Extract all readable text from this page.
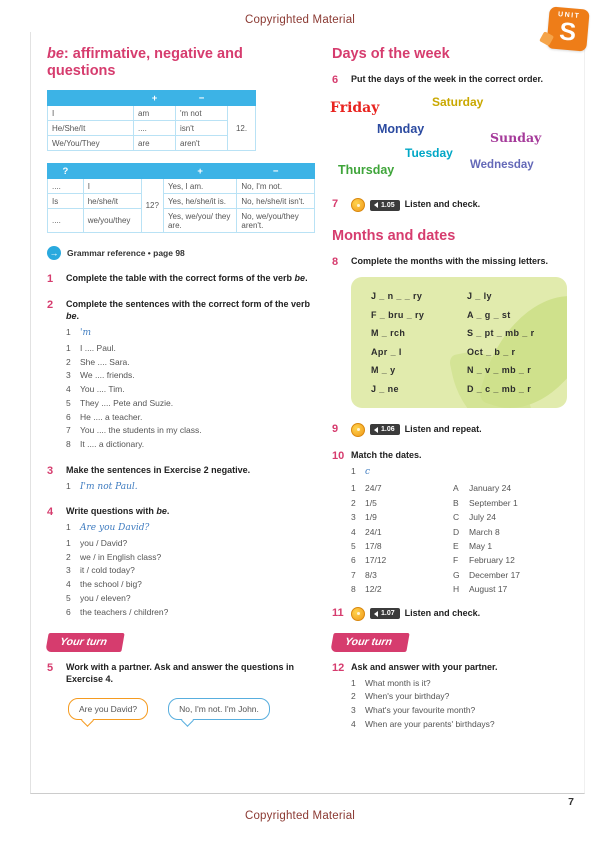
Copyrighted Material	UNIT
S
be: affirmative, negative and questions
	+	−	
I	am	'm not	12.
He/She/It	....	isn't	
We/You/They	are	aren't	
?			+	−
....	I	12?	Yes, I am.	No, I'm not.
Is	he/she/it		Yes, he/she/it is.	No, he/she/it isn't.
....	we/you/they		Yes, we/you/ they are.	No, we/you/they aren't.
→ Grammar reference • page 98
1	Complete the table with the correct forms of the verb be.

2	Complete the sentences with the correct form of the verb be.

1	'm
1	I .... Paul.
2	She .... Sara.
3	We .... friends.
4	You .... Tim.
5	They .... Pete and Suzie.
6	He .... a teacher.
7	You .... the students in my class.
8	It .... a dictionary.
3	Make the sentences in Exercise 2 negative.

1	I'm not Paul.
4	Write questions with be.

1	Are you David?
1	you / David?
2	we / in English class?
3	it / cold today?
4	the school / big?
5	you / eleven?
6	the teachers / children?
Your turn
5	Work with a partner. Ask and answer the questions in Exercise 4.

Are you David?	No, I'm not. I'm John.
Days of the week
6	Put the days of the week in the correct order.

Friday	Saturday
Monday
Sunday
Tuesday
Wednesday
Thursday
7	1.05 Listen and check.
Months and dates
8	Complete the months with the missing letters.

J _ n _ _ ry	J _ ly
F _ bru _ ry	A _ g _ st
M _ rch	S _ pt _ mb _ r
Apr _ l	Oct _ b _ r
M _ y	N _ v _ mb _ r
J _ ne	D _ c _ mb _ r
9	1.06 Listen and repeat.
10 Match the dates.

1	c
1	24/7	A	January 24
2	1/5	B	September 1
3	1/9	C	July 24
4	24/1	D	March 8
5	17/8	E	May 1
6	17/12	F	February 12
7	8/3	G	December 17
8	12/2	H	August 17
11	1.07 Listen and check.
Your turn
12 Ask and answer with your partner.

1	What month is it?
2	When's your birthday?
3	What's your favourite month?
4	When are your parents' birthdays?
7
Copyrighted Material
